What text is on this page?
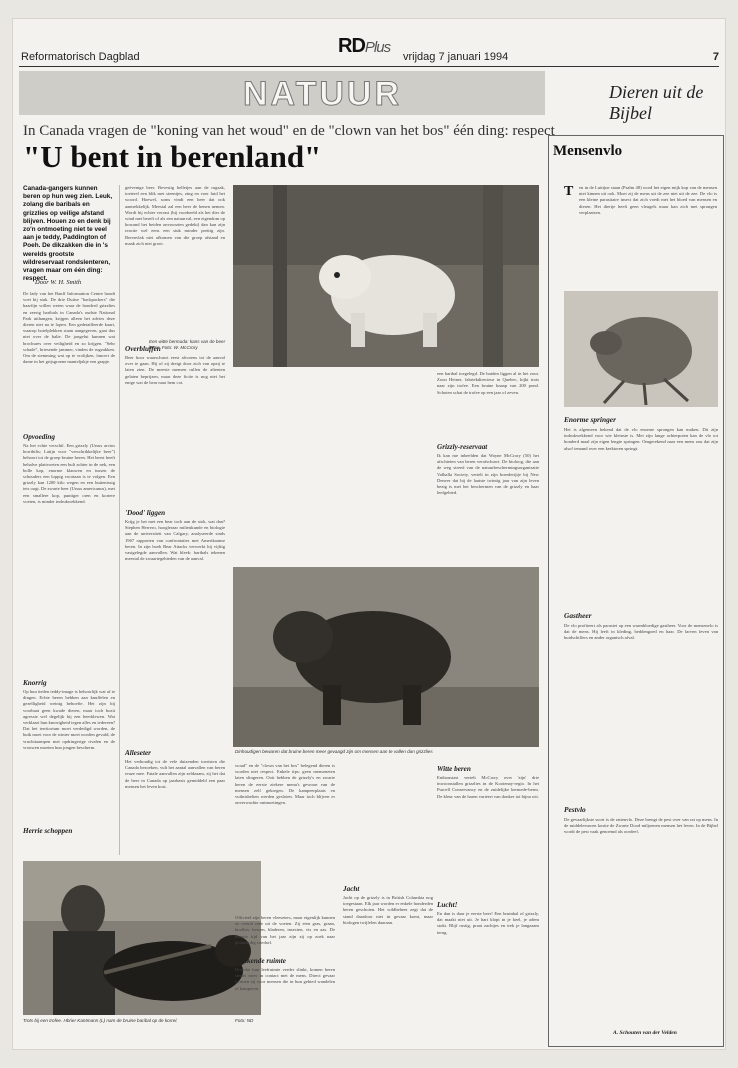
RDPlus
Reformatorisch Dagblad	vrijdag 7 januari 1994	7
NATUUR	Dieren uit de Bijbel
In Canada vragen de "koning van het woud" en de "clown van het bos" één ding: respect
"U bent in berenland"
Canada-gangers kunnen beren op hun weg zien. Leuk, zolang die baribals en grizzlies op veilige afstand blijven. Houen zo en denk bij zo'n ontmoeting niet te veel aan je teddy, Paddington of Poeh. De dikzakken die in 's werelds grootste wildreservaat rondslenteren, vragen maar om één ding: respect.
Door W. H. Smith
De lady van het Banff Information Centre houdt voet bij stuk. De drie Duitse "backpackers" die haarfijn willen weten waar de honderd grizzlies en zeerig baribals in Canada's oudste National Park uithangen, krijgen alleen het advies deze dieren niet na te lopen. Een gedetailleerde kaart, waarop hotelplekken staan aangegeven, gaat dus niet over de balie. De jongelui kunnen wat brochures over veiligheid en zo krijgen. "Sehr schade", briesende jammer, vinden de rugzakken. Om de stemming wat op te vrolijken, fancert de dame in het grijsgroene manteljakje een grapje.
Opvoeding
Na het echte verschil. Een grizzly (Ursus arctos horribilis; Latijn voor "verschrikkelijke beer") behoort tot de groep bruine beren. Het beest heeft behalve plattvoeten een bult achter in de nek, een bolle kop, enorme klauwen en tussen de schouders een loppig voortaan is te volgen. Een grizzly kan 1200 kilo wegen en een buitenissig iets oogt. De zwarte beer (Ursus americanus), met een smallere kop, puntiger oren en kortere voeten, is minder indrukwekkend.
Knorrig
Op hun tieden teddy-image is behoorlijk wat af te dingen. Echte beren hebben aan knuffelen en gezelligheid weinig behoefte. Het zijn bij voorbaat geen kwade dieren, maar toch bozit agressie wel degelijk bij een beerklewen. Wat verklaart hun knorrigheid tegen alles en iedereen? Dat het territorium moet verdedigd worden, de buik moet voor de winter moet worden gevuld, de vruchttaampen met opdringerige rivalen en de vrouwen moeten hun jongen bescherm.
Herrie schoppen
Trots bij een trofee. Hbrier Kantmann (L) nam de bruine baribal op de korrel.	Foto: ND
geëvenige beer. Bevestig belletjes aan de rugzak, toeterel een blik met steentjes, zing en voer luid het woord. Hoewel, soms vindt een beer dat ook aantrekkelijk. Meestal zal een beer de benen nemen. Wordt hij echter verrast (bij voorbeeld als het dier de wind met bereft of als een natuurval, een eigendom op bosrand het beiden onvoorzien gedekt) dan kan zijn reactie wel eens een stuk minder prettig zijn. Berenvlak niet afkomen van die groep afstand en maak zich niet groot.
Overbluffen
Beer hoor waarschuwt eerst alvorens tot de aanval over te gaan. Hij of zij dreigt door zich van opzij te laten zien. De meeste mensen rullen de aftenten gelaten beprijzen, maar deze fictie is nog niet het enige wat de bear naar hem cot.
'Dood' liggen
Krijg je het met een bear toch aan de stok, wat dan? Stephen Herrero, hoogleraar milieukunde en biologie aan de universiteit van Calgary, analyseerde sinds 1967 rapporten van confrontaties met Amerikaanse beren. In zijn boek Bear Attacks verwerkt hij vijftig vastgelegde aanvallen. Wat bleek: baribals tekenen meestal de zwaartegebieden van de aanval.
Alleseter
Het verhoudig tot de vele duizenden toeristen die Canada bezoeken, vult het aantal aanvallen van beren reuze mee. Fatale aanvallen zijn zeldzaam, zij het dat de beer in Canada op jaarbasis gemiddeld een paar mensen het leven kost.
Een witte bermuda: kans van de beer beter. Foto: W. McCrory
Dinhoudigen bewaren dat bruine beren meer gevaagd zijn om mensen aan te vallen dan grizzlies
woud" en de "clown van het bos" belegend dieren is worden niet respect. Enkele tips: geen menseneten laten slingeren. Ooit hebben de grizzly's en zwarte beren de eerste ziekere menu's gewoon van de mensen zelf gekregen. De kampeerplaats en vuilnisbelten werden gesloten. Maar toch blijven er onverwachte ontmoetingen.
Officieel zijn beren vleeseters, maar eigenlijk kunnen ze overal mee uit de voeten. Zij eten gras, graan, knollen, bessen, bladeren, insecten, vis en aas. De meeste tijd van het jaar zijn zij op zoek naar plantaardig voedsel.
Slinkende ruimte
Doordat hun leefruimte verder slinkt, komen beren steeds meer in contact met de mens. Direct gevaar vormen zij voor mensen die in hun gebied wandelen of kamperen.
een baribal toegelegd. De huiden liggen al in het zout. Zoon Heiner, fabriekdirecteur in Quebec, kijkt trots naar zijn trofee. Een bruine knaap van 200 pond. Schoten schat de trofee op een jaar of zeven.
Grizzly-reservaat
Ik kan me inbeelden dat Wayne McCrory (50) het afschieten van beren verafschuwt. De bioloog, die aan de weg streed van de natuurbeschermingsorganisatie Valhalla Society, vertelt in zijn boerderijtje bij New Denver dat hij de laatste twintig jaar van zijn leven bezig is met het beschermen van de grizzly en haar leefgebied.
Witte beren
Enthousiast vertelt McCrory over 'zijn' drie inwoonstallen grizzlies in de Kootenay-regio. In het Purcell Conservancy en de zuidelijke kermede-berm. De kleur van de haren varieert van donker tot bijna wit.
Jacht
Jacht op de grizzly is in British Columbia nog toegestaan. Elk jaar worden er enkele honderden beren geschoten. Het wildbeheer zegt dat de stand daardoor niet in gevaar komt, maar biologen twijfelen daaraan.
Lucht!
En dan is daar je eerste beer! Een bruinbal of grizzly, dat maakt niet uit. Je hart klopt in je keel, je adem stokt. Blijf rustig, praat zachtjes en trek je langzaam terug.
Mensenvlo
T en in de Luttijne staan (Psalm 48) word het eigen mijk kop van de mensen niet kinnen uit ook. Moet zij de mens uit de zee niet uit de zee. De vlo is een kleine parasitaire insect dat zich voedt met het bloed van mensen en dieren. Het diertje heeft geen vleugels maar kan zich met sprongen verplaatsen.
Enorme springer
Het is algemeen bekend dat de vlo enorme sprongen kan maken. Dit zijn indrukwekkend voor wie kleinste is. Met zijn lange achterpoten kan de vlo tot honderd maal zijn eigen lengte springen. Omgerekend naar een mens zou dat zijn alsof iemand over een kerktoren springt.
Gastheer
De vlo profiteert als parasiet op een warmbloedige gastheer. Voor de mensenvlo is dat de mens. Hij leeft in kleding, beddengoed en haar. De larven leven van huidschilfers en ander organisch afval.
Pestvlo
De gevaarlijkste soort is de rattenvlo. Deze brengt de pest over van rat op mens. In de middeleeuwen kostte de Zwarte Dood miljoenen mensen het leven. In de Bijbel wordt de pest vaak genoemd als oordeel.
A. Schouten van der Velden
